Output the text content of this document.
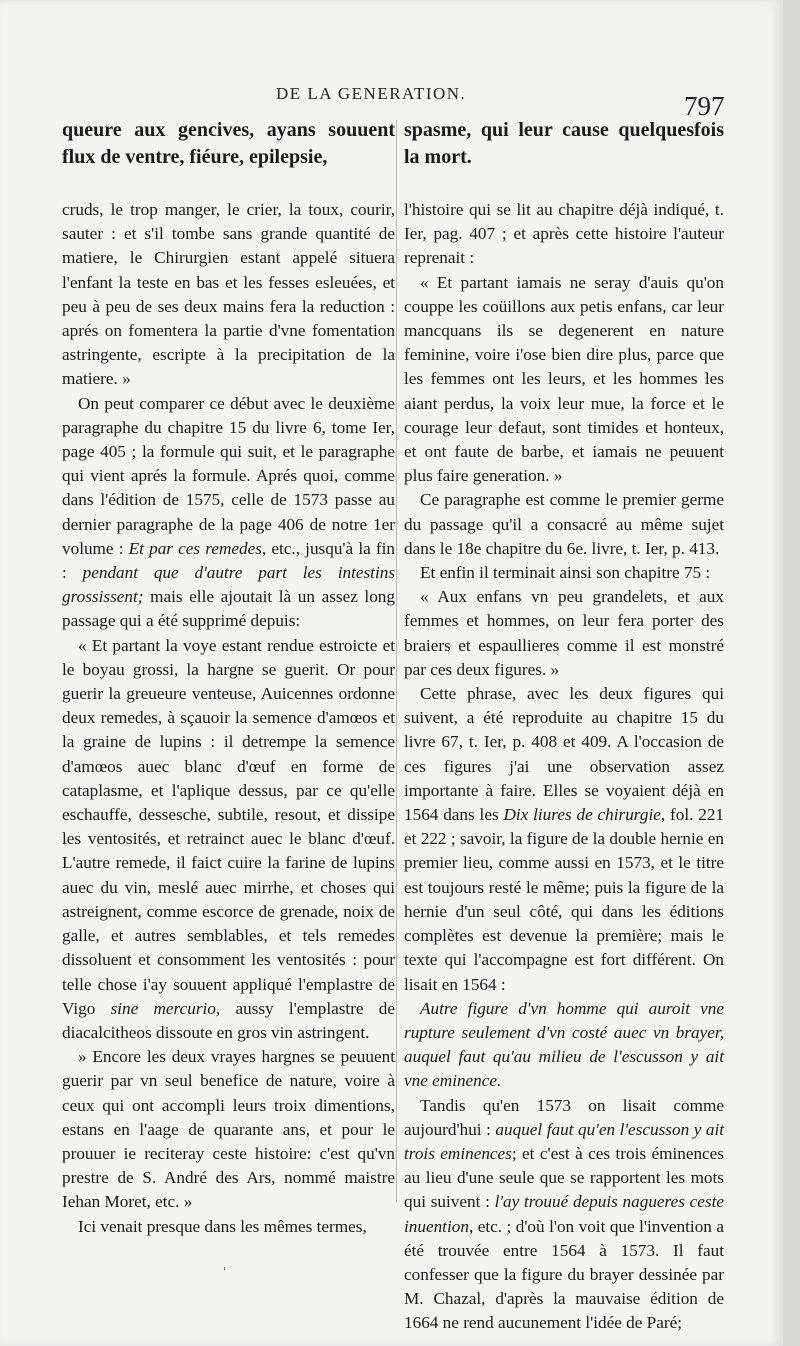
DE LA GENERATION.	797

queure aux gencives, ayans souuent flux de ventre, fiéure, epilepsie,

cruds, le trop manger, le crier, la toux, courir, sauter : et s'il tombe sans grande quantité de matiere, le Chirurgien estant appelé situera l'enfant la teste en bas et les fesses esleuées, et peu à peu de ses deux mains fera la reduction : aprés on fomentera la partie d'vne fomentation astringente, escripte à la precipitation de la matiere. »

On peut comparer ce début avec le deuxième paragraphe du chapitre 15 du livre 6, tome Ier, page 405 ; la formule qui suit, et le paragraphe qui vient aprés la formule. Aprés quoi, comme dans l'édition de 1575, celle de 1573 passe au dernier paragraphe de la page 406 de notre 1er volume : Et par ces remedes, etc., jusqu'à la fin : pendant que d'autre part les intestins grossissent; mais elle ajoutait là un assez long passage qui a été supprimé depuis:

« Et partant la voye estant rendue estroicte et le boyau grossi, la hargne se guerit. Or pour guerir la greueure venteuse, Auicennes ordonne deux remedes, à sçauoir la semence d'amœos et la graine de lupins : il detrempe la semence d'amœos auec blanc d'œuf en forme de cataplasme, et l'aplique dessus, par ce qu'elle eschauffe, dessesche, subtile, resout, et dissipe les ventosités, et retrainct auec le blanc d'œuf. L'autre remede, il faict cuire la farine de lupins auec du vin, meslé auec mirrhe, et choses qui astreignent, comme escorce de grenade, noix de galle, et autres semblables, et tels remedes dissoluent et consomment les ventosités : pour telle chose i'ay souuent appliqué l'emplastre de Vigo sine mercurio, aussy l'emplastre de diacalcitheos dissoute en gros vin astringent.

» Encore les deux vrayes hargnes se peuuent guerir par vn seul benefice de nature, voire à ceux qui ont accompli leurs troix dimentions, estans en l'aage de quarante ans, et pour le prouuer ie reciteray ceste histoire: c'est qu'vn prestre de S. André des Ars, nommé maistre Iehan Moret, etc. »

Ici venait presque dans les mêmes termes,

spasme, qui leur cause quelquesfois la mort.

l'histoire qui se lit au chapitre déjà indiqué, t. Ier, pag. 407 ; et après cette histoire l'auteur reprenait :

« Et partant iamais ne seray d'auis qu'on couppe les coüillons aux petis enfans, car leur mancquans ils se degenerent en nature feminine, voire i'ose bien dire plus, parce que les femmes ont les leurs, et les hommes les aiant perdus, la voix leur mue, la force et le courage leur defaut, sont timides et honteux, et ont faute de barbe, et iamais ne peuuent plus faire generation. »

Ce paragraphe est comme le premier germe du passage qu'il a consacré au même sujet dans le 18e chapitre du 6e. livre, t. Ier, p. 413.

Et enfin il terminait ainsi son chapitre 75 :

« Aux enfans vn peu grandelets, et aux femmes et hommes, on leur fera porter des braiers et espaullieres comme il est monstré par ces deux figures. »

Cette phrase, avec les deux figures qui suivent, a été reproduite au chapitre 15 du livre 67, t. Ier, p. 408 et 409. A l'occasion de ces figures j'ai une observation assez importante à faire. Elles se voyaient déjà en 1564 dans les Dix liures de chirurgie, fol. 221 et 222 ; savoir, la figure de la double hernie en premier lieu, comme aussi en 1573, et le titre est toujours resté le même; puis la figure de la hernie d'un seul côté, qui dans les éditions complètes est devenue la première; mais le texte qui l'accompagne est fort différent. On lisait en 1564 :

Autre figure d'vn homme qui auroit vne rupture seulement d'vn costé auec vn brayer, auquel faut qu'au milieu de l'escusson y ait vne eminence.

Tandis qu'en 1573 on lisait comme aujourd'hui : auquel faut qu'en l'escusson y ait trois eminences; et c'est à ces trois éminences au lieu d'une seule que se rapportent les mots qui suivent : l'ay trouué depuis nagueres ceste inuention, etc. ; d'où l'on voit que l'invention a été trouvée entre 1564 à 1573. Il faut confesser que la figure du brayer dessinée par M. Chazal, d'après la mauvaise édition de 1664 ne rend aucunement l'idée de Paré;

'
